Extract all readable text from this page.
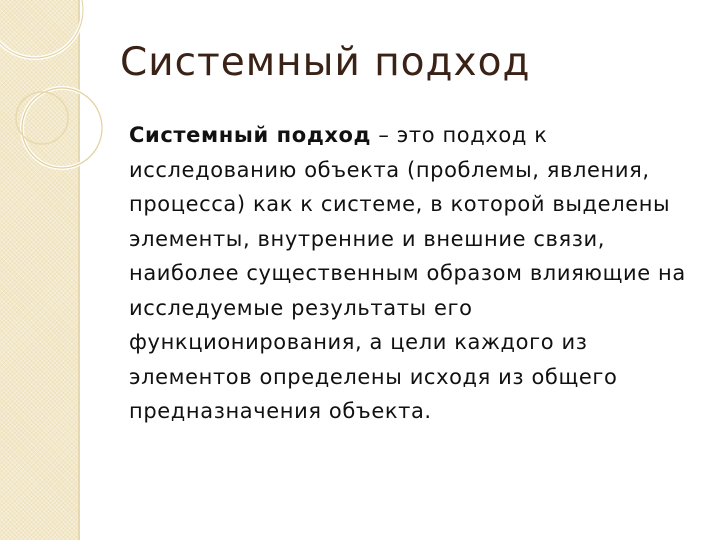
Системный подход

Системный подход – это подход к исследованию объекта (проблемы, явления, процесса) как к системе, в которой выделены элементы, внутренние и внешние связи, наиболее существенным образом влияющие на исследуемые результаты его функционирования, а цели каждого из элементов определены исходя из общего предназначения объекта.
